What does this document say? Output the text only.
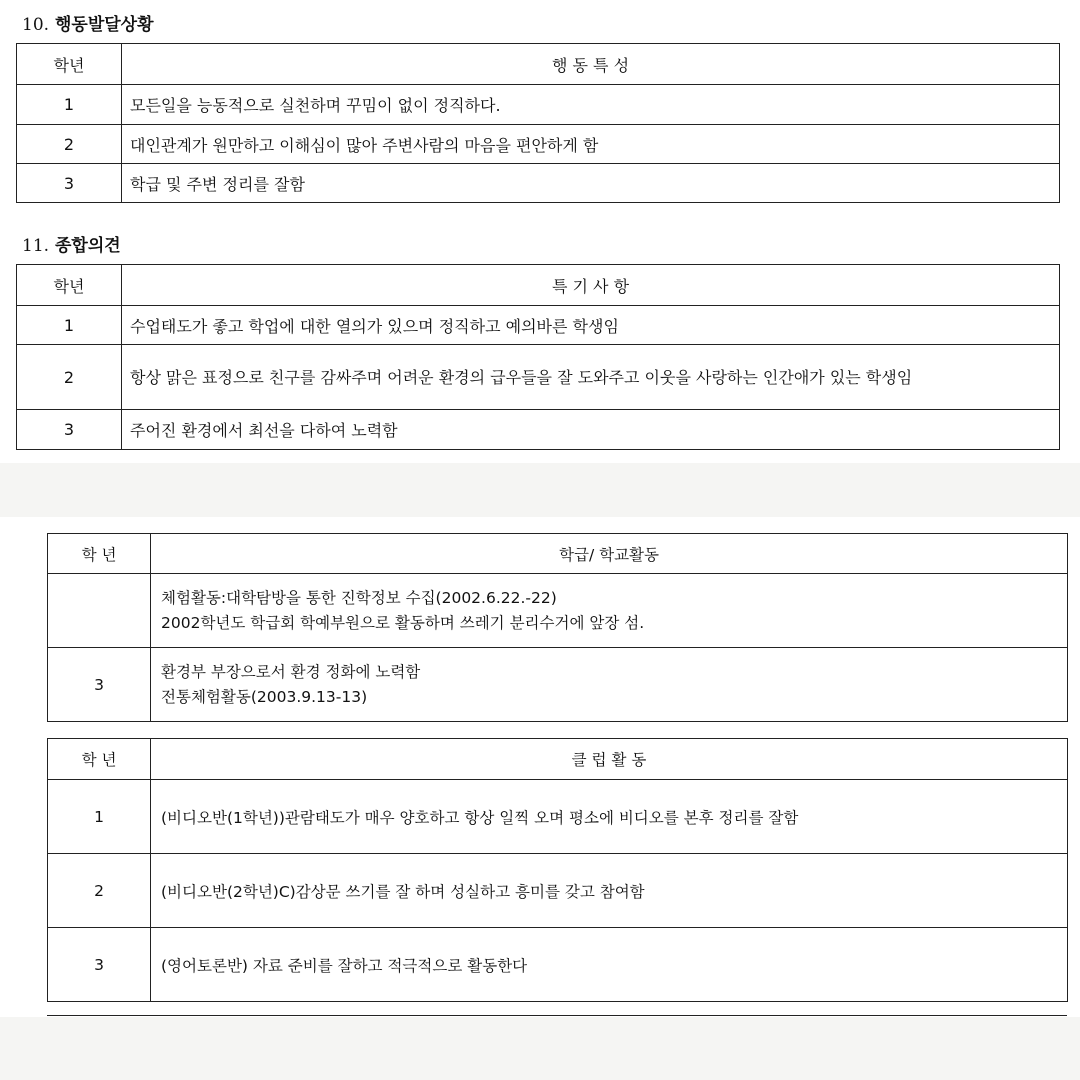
10. 행동발달상황
학년	행 동 특 성
1	모든일을 능동적으로 실천하며 꾸밈이 없이 정직하다.
2	대인관계가 원만하고 이해심이 많아 주변사람의 마음을 편안하게 함
3	학급 및 주변 정리를 잘함
11. 종합의견
학년	특 기 사 항
1	수업태도가 좋고 학업에 대한 열의가 있으며 정직하고 예의바른 학생임
2	항상 맑은 표정으로 친구를 감싸주며 어려운 환경의 급우들을 잘 도와주고 이웃을 사랑하는 인간애가 있는 학생임
3	주어진 환경에서 최선을 다하여 노력함
학 년	학급/ 학교활동

	체험활동:대학탐방을 통한 진학정보 수집(2002.6.22.-22)
2002학년도 학급회 학예부원으로 활동하며 쓰레기 분리수거에 앞장 섬.

3	환경부 부장으로서 환경 정화에 노력함
전통체험활동(2003.9.13-13)
학 년	클 럽 활 동
1	(비디오반(1학년))관람태도가 매우 양호하고 항상 일찍 오며 평소에 비디오를 본후 정리를 잘함
2	(비디오반(2학년)C)감상문 쓰기를 잘 하며 성실하고 흥미를 갖고 참여함
3	(영어토론반) 자료 준비를 잘하고 적극적으로 활동한다
